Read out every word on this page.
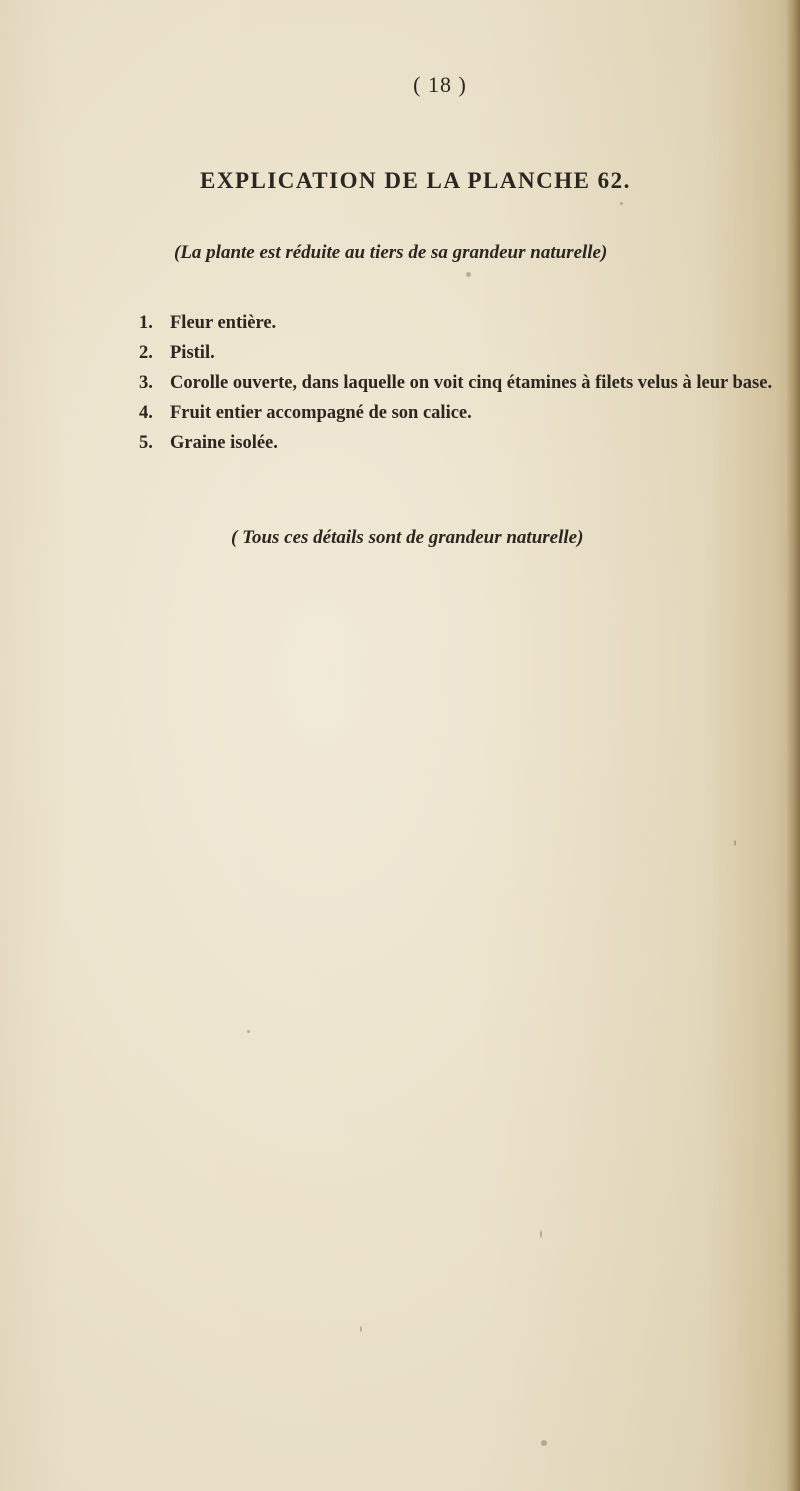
( 18 )
EXPLICATION DE LA PLANCHE 62.
(La plante est réduite au tiers de sa grandeur naturelle)
1. Fleur entière.
2. Pistil.
3. Corolle ouverte, dans laquelle on voit cinq étamines à filets velus à leur base.
4. Fruit entier accompagné de son calice.
5. Graine isolée.
( Tous ces détails sont de grandeur naturelle)
